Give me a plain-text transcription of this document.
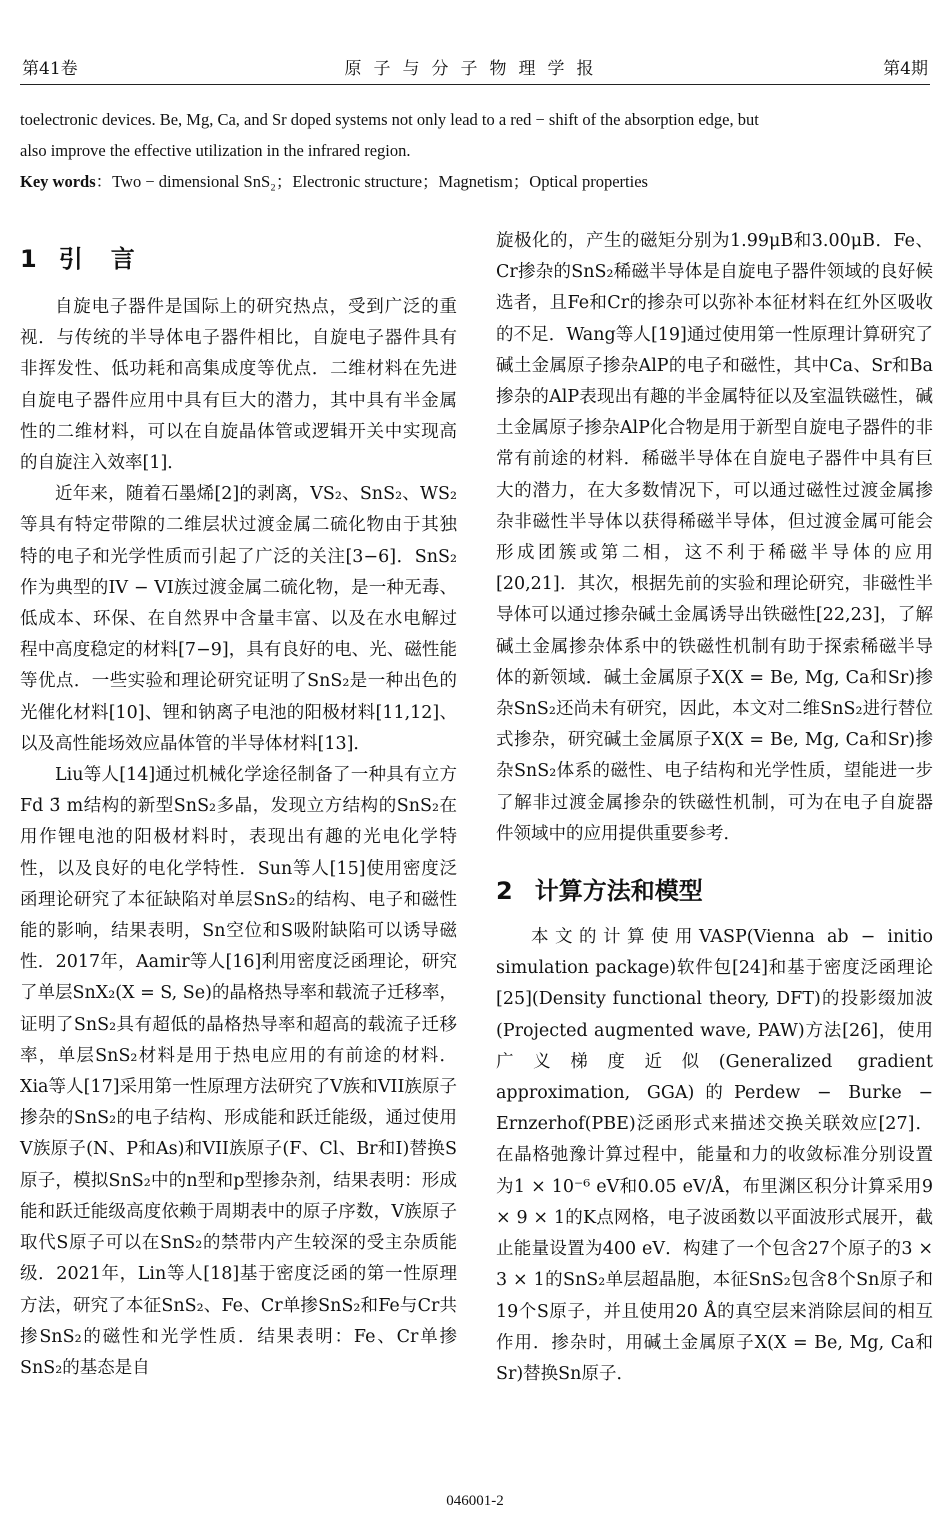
第41卷	原子与分子物理学报	第4期

toelectronic devices. Be, Mg, Ca, and Sr doped systems not only lead to a red − shift of the absorption edge, but

also improve the effective utilization in the infrared region.

Key words：Two − dimensional SnS₂；Electronic structure；Magnetism；Optical properties

1 引言

自旋电子器件是国际上的研究热点，受到广泛的重视．与传统的半导体电子器件相比，自旋电子器件具有非挥发性、低功耗和高集成度等优点．二维材料在先进自旋电子器件应用中具有巨大的潜力，其中具有半金属性的二维材料，可以在自旋晶体管或逻辑开关中实现高的自旋注入效率[1]．

近年来，随着石墨烯[2]的剥离，VS₂、SnS₂、WS₂等具有特定带隙的二维层状过渡金属二硫化物由于其独特的电子和光学性质而引起了广泛的关注[3−6]．SnS₂作为典型的IV − VI族过渡金属二硫化物，是一种无毒、低成本、环保、在自然界中含量丰富、以及在水电解过程中高度稳定的材料[7−9]，具有良好的电、光、磁性能等优点．一些实验和理论研究证明了SnS₂是一种出色的光催化材料[10]、锂和钠离子电池的阳极材料[11,12]、以及高性能场效应晶体管的半导体材料[13]．

Liu等人[14]通过机械化学途径制备了一种具有立方Fd 3̄ m结构的新型SnS₂多晶，发现立方结构的SnS₂在用作锂电池的阳极材料时，表现出有趣的光电化学特性，以及良好的电化学特性．Sun等人[15]使用密度泛函理论研究了本征缺陷对单层SnS₂的结构、电子和磁性能的影响，结果表明，Sn空位和S吸附缺陷可以诱导磁性．2017年，Aamir等人[16]利用密度泛函理论，研究了单层SnX₂(X = S, Se)的晶格热导率和载流子迁移率，证明了SnS₂具有超低的晶格热导率和超高的载流子迁移率，单层SnS₂材料是用于热电应用的有前途的材料．Xia等人[17]采用第一性原理方法研究了V族和VII族原子掺杂的SnS₂的电子结构、形成能和跃迁能级，通过使用V族原子(N、P和As)和VII族原子(F、Cl、Br和I)替换S原子，模拟SnS₂中的n型和p型掺杂剂，结果表明：形成能和跃迁能级高度依赖于周期表中的原子序数，V族原子取代S原子可以在SnS₂的禁带内产生较深的受主杂质能级．2021年，Lin等人[18]基于密度泛函的第一性原理方法，研究了本征SnS₂、Fe、Cr单掺SnS₂和Fe与Cr共掺SnS₂的磁性和光学性质．结果表明：Fe、Cr单掺SnS₂的基态是自

旋极化的，产生的磁矩分别为1.99μB和3.00μB．Fe、Cr掺杂的SnS₂稀磁半导体是自旋电子器件领域的良好候选者，且Fe和Cr的掺杂可以弥补本征材料在红外区吸收的不足．Wang等人[19]通过使用第一性原理计算研究了碱土金属原子掺杂AlP的电子和磁性，其中Ca、Sr和Ba掺杂的AlP表现出有趣的半金属特征以及室温铁磁性，碱土金属原子掺杂AlP化合物是用于新型自旋电子器件的非常有前途的材料．稀磁半导体在自旋电子器件中具有巨大的潜力，在大多数情况下，可以通过磁性过渡金属掺杂非磁性半导体以获得稀磁半导体，但过渡金属可能会形成团簇或第二相，这不利于稀磁半导体的应用[20,21]．其次，根据先前的实验和理论研究，非磁性半导体可以通过掺杂碱土金属诱导出铁磁性[22,23]，了解碱土金属掺杂体系中的铁磁性机制有助于探索稀磁半导体的新领域．碱土金属原子X(X = Be, Mg, Ca和Sr)掺杂SnS₂还尚未有研究，因此，本文对二维SnS₂进行替位式掺杂，研究碱土金属原子X(X = Be, Mg, Ca和Sr)掺杂SnS₂体系的磁性、电子结构和光学性质，望能进一步了解非过渡金属掺杂的铁磁性机制，可为在电子自旋器件领域中的应用提供重要参考．

2 计算方法和模型

本文的计算使用VASP(Vienna ab − initio simulation package)软件包[24]和基于密度泛函理论[25](Density functional theory, DFT)的投影缀加波(Projected augmented wave, PAW)方法[26]，使用广义梯度近似(Generalized gradient approximation, GGA)的Perdew − Burke − Ernzerhof(PBE)泛函形式来描述交换关联效应[27]．在晶格弛豫计算过程中，能量和力的收敛标准分别设置为1 × 10⁻⁶ eV和0.05 eV/Å，布里渊区积分计算采用9 × 9 × 1的K点网格，电子波函数以平面波形式展开，截止能量设置为400 eV．构建了一个包含27个原子的3 × 3 × 1的SnS₂单层超晶胞，本征SnS₂包含8个Sn原子和19个S原子，并且使用20 Å的真空层来消除层间的相互作用．掺杂时，用碱土金属原子X(X = Be, Mg, Ca和Sr)替换Sn原子．

046001-2
